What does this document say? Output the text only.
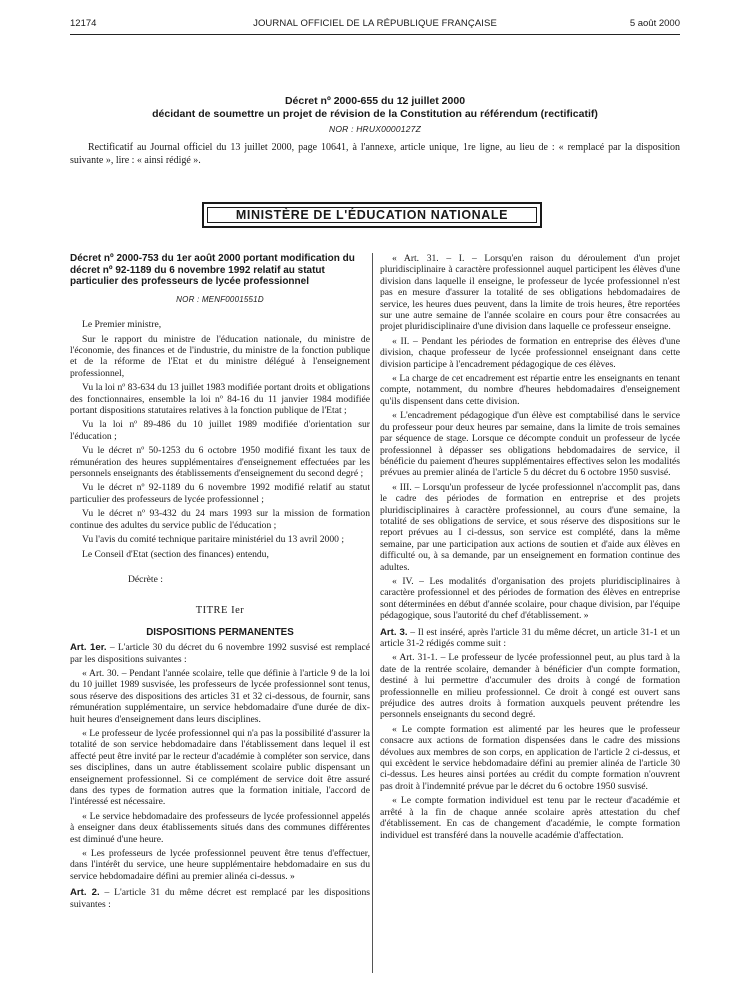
12174	JOURNAL OFFICIEL DE LA RÉPUBLIQUE FRANÇAISE	5 août 2000
Décret nº 2000-655 du 12 juillet 2000
décidant de soumettre un projet de révision de la Constitution au référendum (rectificatif)
NOR : HRUX0000127Z
Rectificatif au Journal officiel du 13 juillet 2000, page 10641, à l'annexe, article unique, 1re ligne, au lieu de : « remplacé par la disposition suivante », lire : « ainsi rédigé ».
MINISTÈRE DE L'ÉDUCATION NATIONALE
Décret nº 2000-753 du 1er août 2000 portant modification du décret nº 92-1189 du 6 novembre 1992 relatif au statut particulier des professeurs de lycée professionnel
NOR : MENF0001551D

Le Premier ministre,

Sur le rapport du ministre de l'éducation nationale, du ministre de l'économie, des finances et de l'industrie, du ministre de la fonction publique et de la réforme de l'Etat et du ministre délégué à l'enseignement professionnel,

Vu la loi nº 83-634 du 13 juillet 1983 modifiée portant droits et obligations des fonctionnaires, ensemble la loi nº 84-16 du 11 janvier 1984 modifiée portant dispositions statutaires relatives à la fonction publique de l'Etat ;

Vu la loi nº 89-486 du 10 juillet 1989 modifiée d'orientation sur l'éducation ;

Vu le décret nº 50-1253 du 6 octobre 1950 modifié fixant les taux de rémunération des heures supplémentaires d'enseignement effectuées par les personnels enseignants des établissements d'enseignement du second degré ;

Vu le décret nº 92-1189 du 6 novembre 1992 modifié relatif au statut particulier des professeurs de lycée professionnel ;

Vu le décret nº 93-432 du 24 mars 1993 sur la mission de formation continue des adultes du service public de l'éducation ;

Vu l'avis du comité technique paritaire ministériel du 13 avril 2000 ;

Le Conseil d'Etat (section des finances) entendu,

Décrète :

TITRE Ier
DISPOSITIONS PERMANENTES

Art. 1er. – L'article 30 du décret du 6 novembre 1992 susvisé est remplacé par les dispositions suivantes :

« Art. 30. – Pendant l'année scolaire, telle que définie à l'article 9 de la loi du 10 juillet 1989 susvisée, les professeurs de lycée professionnel sont tenus, sous réserve des dispositions des articles 31 et 32 ci-dessous, de fournir, sans rémunération supplémentaire, un service hebdomadaire d'une durée de dix-huit heures d'enseignement dans leurs disciplines.

« Le professeur de lycée professionnel qui n'a pas la possibilité d'assurer la totalité de son service hebdomadaire dans l'établissement dans lequel il est affecté peut être invité par le recteur d'académie à compléter son service, dans ses disciplines, dans un autre établissement scolaire public dispensant un enseignement professionnel. Si ce complément de service doit être assuré dans des types de formation autres que la formation initiale, l'accord de l'intéressé est nécessaire.

« Le service hebdomadaire des professeurs de lycée professionnel appelés à enseigner dans deux établissements situés dans des communes différentes est diminué d'une heure.

« Les professeurs de lycée professionnel peuvent être tenus d'effectuer, dans l'intérêt du service, une heure supplémentaire hebdomadaire en sus du service hebdomadaire défini au premier alinéa ci-dessus. »

Art. 2. – L'article 31 du même décret est remplacé par les dispositions suivantes :

« Art. 31. – I. – Lorsqu'en raison du déroulement d'un projet pluridisciplinaire à caractère professionnel auquel participent les élèves d'une division dans laquelle il enseigne, le professeur de lycée professionnel n'est pas en mesure d'assurer la totalité de ses obligations hebdomadaires de service, les heures dues peuvent, dans la limite de trois heures, être reportées sur une autre semaine de l'année scolaire en cours pour être consacrées au projet pluridisciplinaire d'une division dans laquelle ce professeur enseigne.

« II. – Pendant les périodes de formation en entreprise des élèves d'une division, chaque professeur de lycée professionnel enseignant dans cette division participe à l'encadrement pédagogique de ces élèves.

« La charge de cet encadrement est répartie entre les enseignants en tenant compte, notamment, du nombre d'heures hebdomadaires d'enseignement qu'ils dispensent dans cette division.

« L'encadrement pédagogique d'un élève est comptabilisé dans le service du professeur pour deux heures par semaine, dans la limite de trois semaines par séquence de stage. Lorsque ce décompte conduit un professeur de lycée professionnel à dépasser ses obligations hebdomadaires de service, il bénéficie du paiement d'heures supplémentaires effectives selon les modalités prévues au premier alinéa de l'article 5 du décret du 6 octobre 1950 susvisé.

« III. – Lorsqu'un professeur de lycée professionnel n'accomplit pas, dans le cadre des périodes de formation en entreprise et des projets pluridisciplinaires à caractère professionnel, au cours d'une semaine, la totalité de ses obligations de service, et sous réserve des dispositions sur le report prévues au I ci-dessus, son service est complété, dans la même semaine, par une participation aux actions de soutien et d'aide aux élèves en difficulté ou, à sa demande, par un enseignement en formation continue des adultes.

« IV. – Les modalités d'organisation des projets pluridisciplinaires à caractère professionnel et des périodes de formation des élèves en entreprise sont déterminées en début d'année scolaire, pour chaque division, par l'équipe pédagogique, sous l'autorité du chef d'établissement. »

Art. 3. – Il est inséré, après l'article 31 du même décret, un article 31-1 et un article 31-2 rédigés comme suit :

« Art. 31-1. – Le professeur de lycée professionnel peut, au plus tard à la date de la rentrée scolaire, demander à bénéficier d'un compte formation, destiné à lui permettre d'accumuler des droits à congé de formation professionnelle en milieu professionnel. Ce droit à congé est ouvert sans préjudice des autres droits à formation auxquels peuvent prétendre les personnels enseignants du second degré.

« Le compte formation est alimenté par les heures que le professeur consacre aux actions de formation dispensées dans le cadre des missions dévolues aux membres de son corps, en application de l'article 2 ci-dessus, et qui excèdent le service hebdomadaire défini au premier alinéa de l'article 30 ci-dessus. Les heures ainsi portées au crédit du compte formation n'ouvrent pas droit à l'indemnité prévue par le décret du 6 octobre 1950 susvisé.

« Le compte formation individuel est tenu par le recteur d'académie et arrêté à la fin de chaque année scolaire après attestation du chef d'établissement. En cas de changement d'académie, le compte formation individuel est transféré dans la nouvelle académie d'affectation.
